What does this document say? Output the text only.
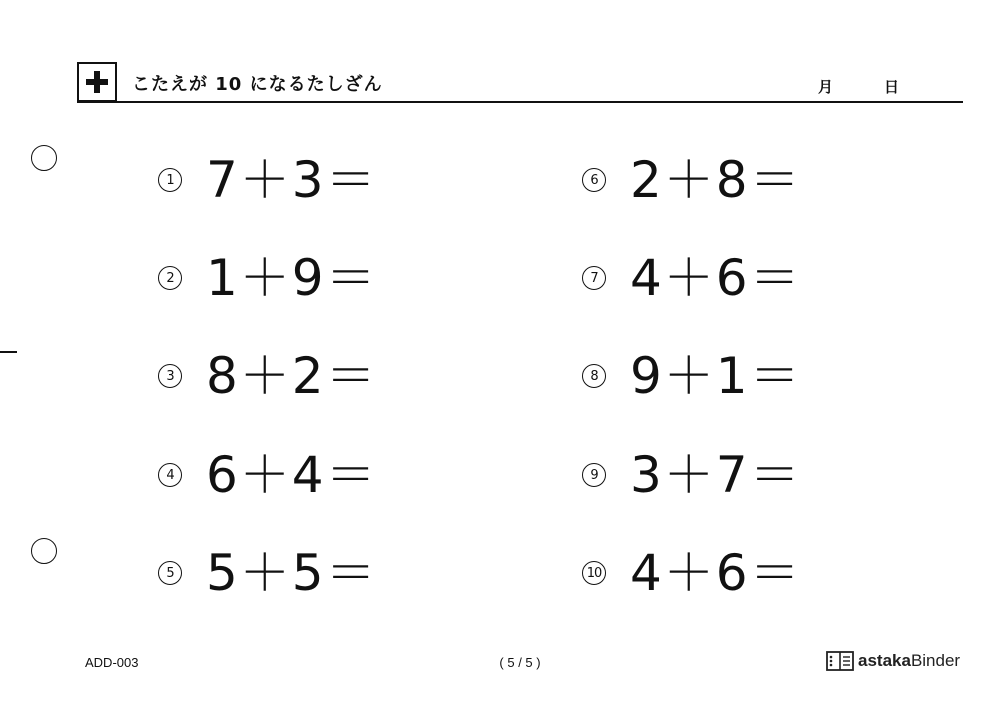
こたえが 10 になるたしざん	月	日
1 7＋3＝
2 1＋9＝
3 8＋2＝
4 6＋4＝
5 5＋5＝
6 2＋8＝
7 4＋6＝
8 9＋1＝
9 3＋7＝
10 4＋6＝
ADD-003	( 5 / 5 )	astaka Binder
